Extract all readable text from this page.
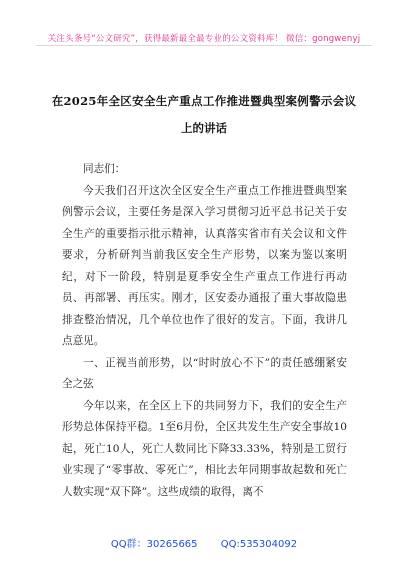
关注头条号“公文研究”，获得最新最全最专业的公文资料库！ 微信：gongwenyj
在2025年全区安全生产重点工作推进暨典型案例警示会议
上的讲话

同志们：

今天我们召开这次全区安全生产重点工作推进暨典型案例警示会议，主要任务是深入学习贯彻习近平总书记关于安全生产的重要指示批示精神，认真落实省市有关会议和文件要求，分析研判当前我区安全生产形势，以案为鉴以案明纪，对下一阶段，特别是夏季安全生产重点工作进行再动员、再部署、再压实。刚才，区安委办通报了重大事故隐患排查整治情况，几个单位也作了很好的发言。下面，我讲几点意见。

一、正视当前形势，以“时时放心不下”的责任感绷紧安全之弦

今年以来，在全区上下的共同努力下，我们的安全生产形势总体保持平稳。1至6月份，全区共发生生产安全事故10起，死亡10人，死亡人数同比下降33.33%，特别是工贸行业实现了“零事故、零死亡”，相比去年同期事故起数和死亡人数实现“双下降”。这些成绩的取得，离不

QQ群：30265665 QQ:535304092
